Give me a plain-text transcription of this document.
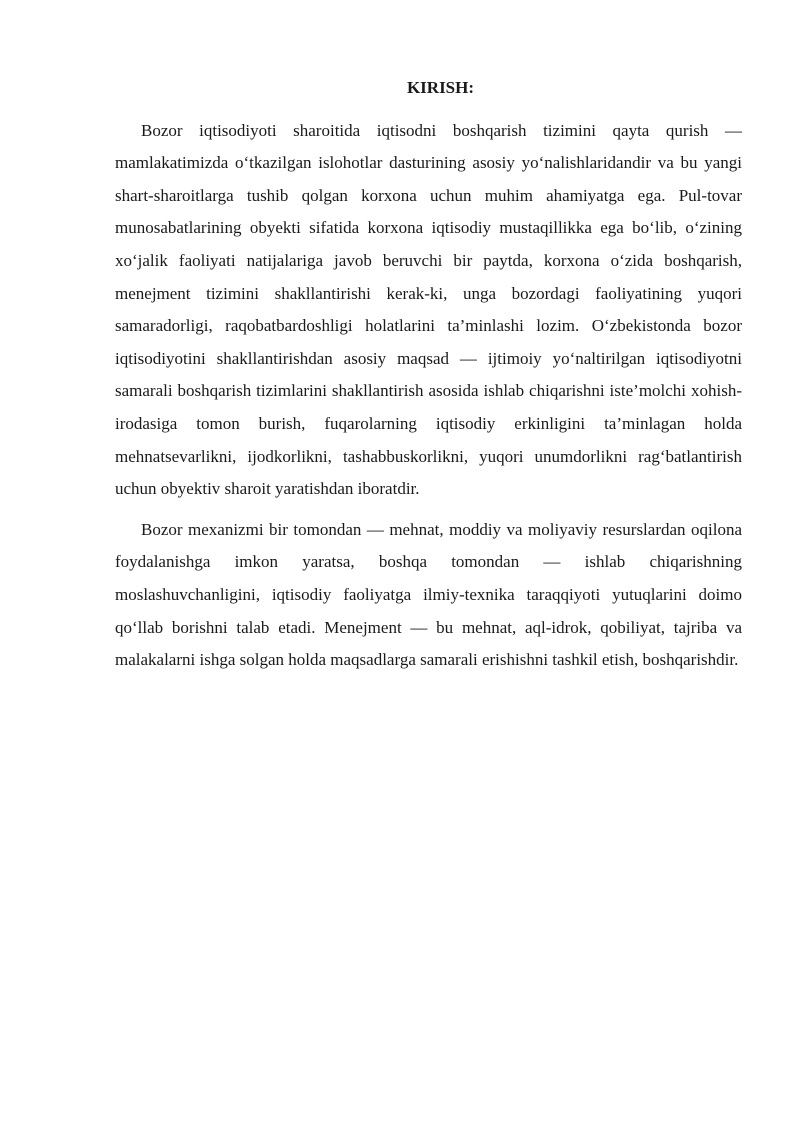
KIRISH:

Bozor iqtisodiyoti sharoitida iqtisodni boshqarish tizimini qayta qurish — mamlakatimizda o‘tkazilgan islohotlar dasturining asosiy yo‘nalishlaridandir va bu yangi shart-sharoitlarga tushib qolgan korxona uchun muhim ahamiyatga ega. Pul-tovar munosabatlarining obyekti sifatida korxona iqtisodiy mustaqillikka ega bo‘lib, o‘zining xo‘jalik faoliyati natijalariga javob beruvchi bir paytda, korxona o‘zida boshqarish, menejment tizimini shakllantirishi kerak-ki, unga bozordagi faoliyatining yuqori samaradorligi, raqobatbardoshligi holatlarini ta’minlashi lozim. O‘zbekistonda bozor iqtisodiyotini shakllantirishdan asosiy maqsad — ijtimoiy yo‘naltirilgan iqtisodiyotni samarali boshqarish tizimlarini shakllantirish asosida ishlab chiqarishni iste’molchi xohish-irodasiga tomon burish, fuqarolarning iqtisodiy erkinligini ta’minlagan holda mehnatsevarlikni, ijodkorlikni, tashabbuskorlikni, yuqori unumdorlikni rag‘batlantirish uchun obyektiv sharoit yaratishdan iboratdir.

Bozor mexanizmi bir tomondan — mehnat, moddiy va moliyaviy resurslardan oqilona foydalanishga imkon yaratsa, boshqa tomondan — ishlab chiqarishning moslashuvchanligini, iqtisodiy faoliyatga ilmiy-texnika taraqqiyoti yutuqlarini doimo qo‘llab borishni talab etadi. Menejment — bu mehnat, aql-idrok, qobiliyat, tajriba va malakalarni ishga solgan holda maqsadlarga samarali erishishni tashkil etish, boshqarishdir.
